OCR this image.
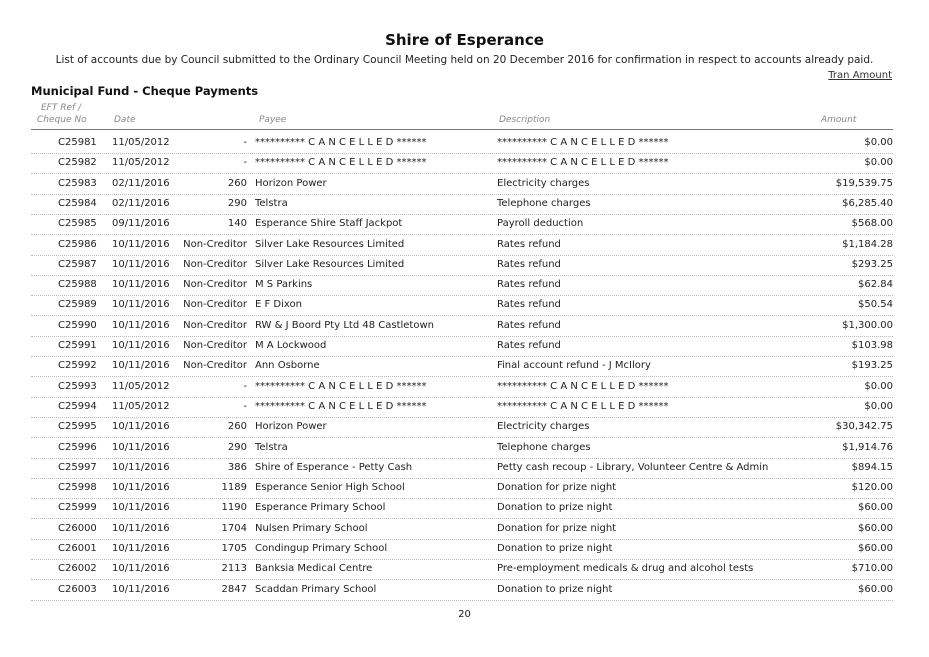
Shire of Esperance
List of accounts due by Council submitted to the Ordinary Council Meeting held on 20 December 2016 for confirmation in respect to accounts already paid.
Tran Amount
Municipal Fund - Cheque Payments
EFT Ref /
Cheque No	Date	Payee	Description	Amount
C25981 11/05/2012	- ********** C A N C E L L E D ******	********** C A N C E L L E D ******	$0.00
C25982 11/05/2012	- ********** C A N C E L L E D ******	********** C A N C E L L E D ******	$0.00
C25983 02/11/2016	260 Horizon Power	Electricity charges	$19,539.75
C25984 02/11/2016	290 Telstra	Telephone charges	$6,285.40
C25985 09/11/2016	140 Esperance Shire Staff Jackpot	Payroll deduction	$568.00
C25986 10/11/2016 Non-Creditor Silver Lake Resources Limited	Rates refund	$1,184.28
C25987 10/11/2016 Non-Creditor Silver Lake Resources Limited	Rates refund	$293.25
C25988 10/11/2016 Non-Creditor M S Parkins	Rates refund	$62.84
C25989 10/11/2016 Non-Creditor E F Dixon	Rates refund	$50.54
C25990 10/11/2016 Non-Creditor RW & J Boord Pty Ltd 48 Castletown	Rates refund	$1,300.00
C25991 10/11/2016 Non-Creditor M A Lockwood	Rates refund	$103.98
C25992 10/11/2016 Non-Creditor Ann Osborne	Final account refund - J McIlory	$193.25
C25993 11/05/2012	- ********** C A N C E L L E D ******	********** C A N C E L L E D ******	$0.00
C25994 11/05/2012	- ********** C A N C E L L E D ******	********** C A N C E L L E D ******	$0.00
C25995 10/11/2016	260 Horizon Power	Electricity charges	$30,342.75
C25996 10/11/2016	290 Telstra	Telephone charges	$1,914.76
C25997 10/11/2016	386 Shire of Esperance - Petty Cash	Petty cash recoup - Library, Volunteer Centre & Admin	$894.15
C25998 10/11/2016	1189 Esperance Senior High School	Donation for prize night	$120.00
C25999 10/11/2016	1190 Esperance Primary School	Donation to prize night	$60.00
C26000 10/11/2016	1704 Nulsen Primary School	Donation for prize night	$60.00
C26001 10/11/2016	1705 Condingup Primary School	Donation to prize night	$60.00
C26002 10/11/2016	2113 Banksia Medical Centre	Pre-employment medicals & drug and alcohol tests	$710.00
C26003 10/11/2016	2847 Scaddan Primary School	Donation to prize night	$60.00
20
